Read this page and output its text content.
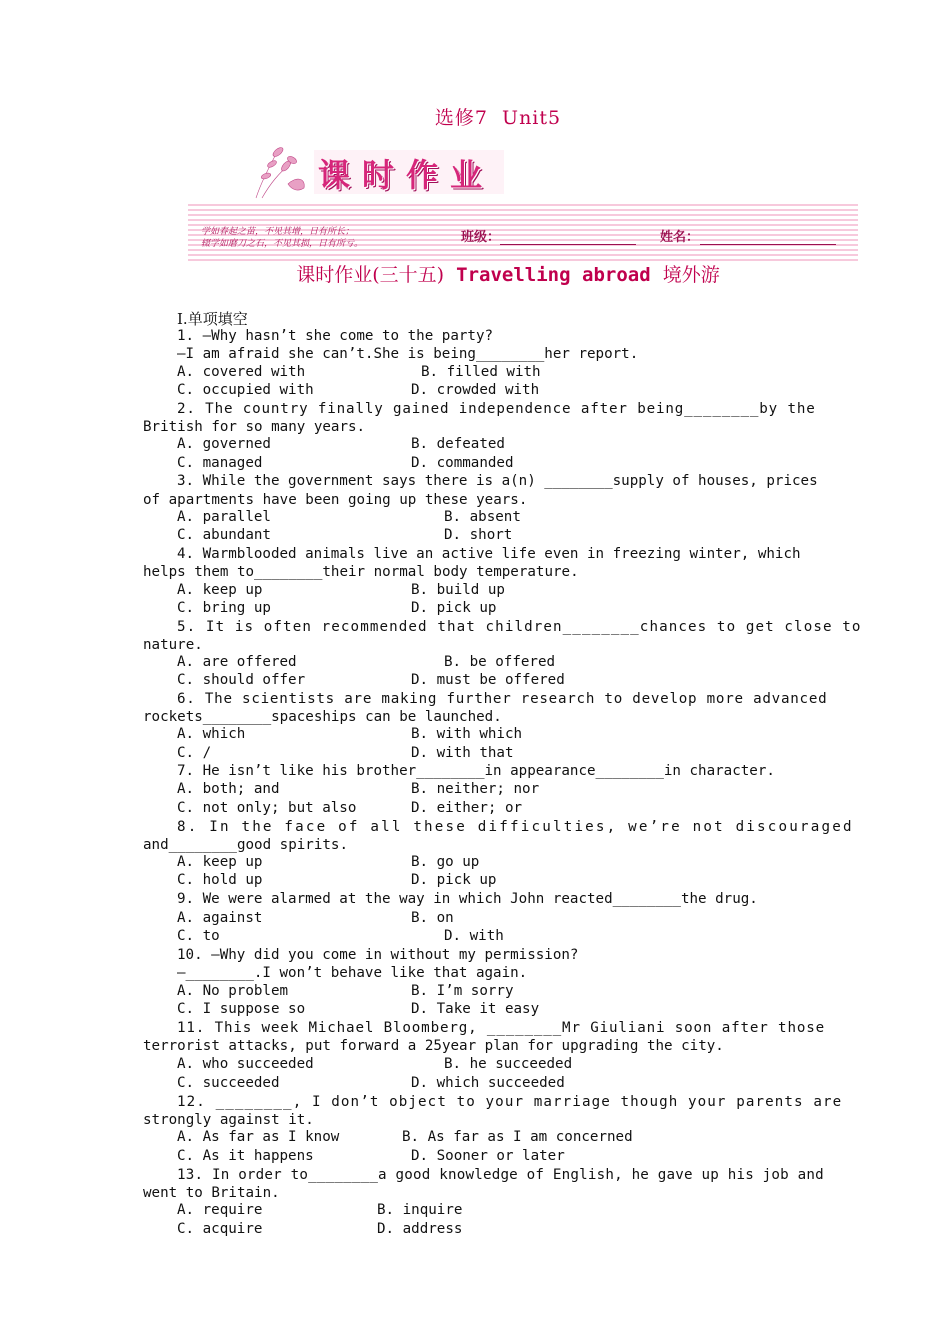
选修7  Unit5
课时作业
学如春起之苗，不见其增，日有所长；
辍学如磨刀之石，不见其损，日有所亏。	班级：	姓名：
课时作业(三十五) Travelling abroad 境外游
Ⅰ.单项填空
1. —Why hasn’t she come to the party?
—I am afraid she can’t.She is being________her report.
A. covered with	B. filled with
C. occupied with	D. crowded with
2. The country finally gained independence after being________by the
British for so many years.
A. governed	B. defeated
C. managed	D. commanded
3. While the government says there is a(n) ________supply of houses, prices
of apartments have been going up these years.
A. parallel	B. absent
C. abundant	D. short
4. Warmblooded animals live an active life even in freezing winter, which
helps them to________their normal body temperature.
A. keep up	B. build up
C. bring up	D. pick up
5. It is often recommended that children________chances to get close to
nature.
A. are offered	B. be offered
C. should offer	D. must be offered
6. The scientists are making further research to develop more advanced
rockets________spaceships can be launched.
A. which	B. with which
C. /	D. with that
7. He isn’t like his brother________in appearance________in character.
A. both; and	B. neither; nor
C. not only; but also	D. either; or
8. In the face of all these difficulties, we’re not discouraged
and________good spirits.
A. keep up	B. go up
C. hold up	D. pick up
9. We were alarmed at the way in which John reacted________the drug.
A. against	B. on
C. to	D. with
10. —Why did you come in without my permission?
—________.I won’t behave like that again.
A. No problem	B. I’m sorry
C. I suppose so	D. Take it easy
11. This week Michael Bloomberg, ________Mr Giuliani soon after those
terrorist attacks, put forward a 25year plan for upgrading the city.
A. who succeeded	B. he succeeded
C. succeeded	D. which succeeded
12. ________, I don’t object to your marriage though your parents are
strongly against it.
A. As far as I know	B. As far as I am concerned
C. As it happens	D. Sooner or later
13. In order to________a good knowledge of English, he gave up his job and
went to Britain.
A. require	B. inquire
C. acquire	D. address
